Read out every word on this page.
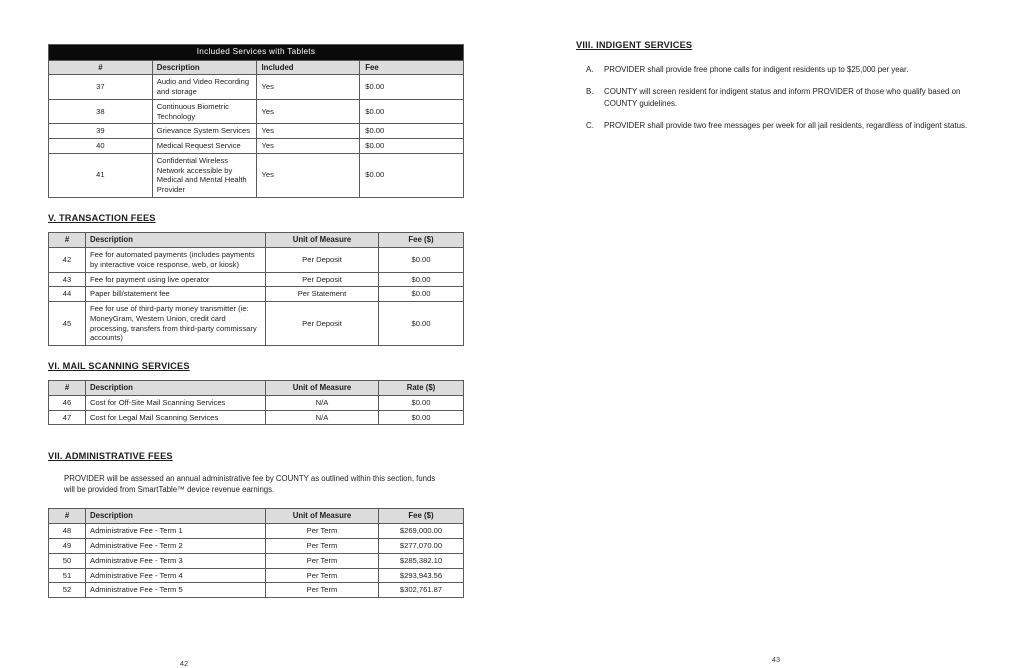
Included Services with Tablets			
#	Description	Included	Fee
37	Audio and Video Recording and storage	Yes	$0.00
38	Continuous Biometric Technology	Yes	$0.00
39	Grievance System Services	Yes	$0.00
40	Medical Request Service	Yes	$0.00
41	Confidential Wireless Network accessible by Medical and Mental Health Provider	Yes	$0.00
V. TRANSACTION FEES
#	Description	Unit of Measure	Fee ($)
42	Fee for automated payments (includes payments by interactive voice response, web, or kiosk)	Per Deposit	$0.00
43	Fee for payment using live operator	Per Deposit	$0.00
44	Paper bill/statement fee	Per Statement	$0.00
45	Fee for use of third-party money transmitter (ie: MoneyGram, Western Union, credit card processing, transfers from third-party commissary accounts)	Per Deposit	$0.00
VI. MAIL SCANNING SERVICES
#	Description	Unit of Measure	Rate ($)
46	Cost for Off-Site Mail Scanning Services	N/A	$0.00
47	Cost for Legal Mail Scanning Services	N/A	$0.00
VII. ADMINISTRATIVE FEES

PROVIDER will be assessed an annual administrative fee by COUNTY as outlined within this section, funds will be provided from SmartTable™ device revenue earnings.

#	Description	Unit of Measure	Fee ($)
48	Administrative Fee - Term 1	Per Term	$269,000.00
49	Administrative Fee - Term 2	Per Term	$277,070.00
50	Administrative Fee - Term 3	Per Term	$285,382.10
51	Administrative Fee - Term 4	Per Term	$293,943.56
52	Administrative Fee - Term 5	Per Term	$302,761.87
42
VIII. INDIGENT SERVICES
A. PROVIDER shall provide free phone calls for indigent residents up to $25,000 per year.
B. COUNTY will screen resident for indigent status and inform PROVIDER of those who qualify based on COUNTY guidelines.
C. PROVIDER shall provide two free messages per week for all jail residents, regardless of indigent status.
43
